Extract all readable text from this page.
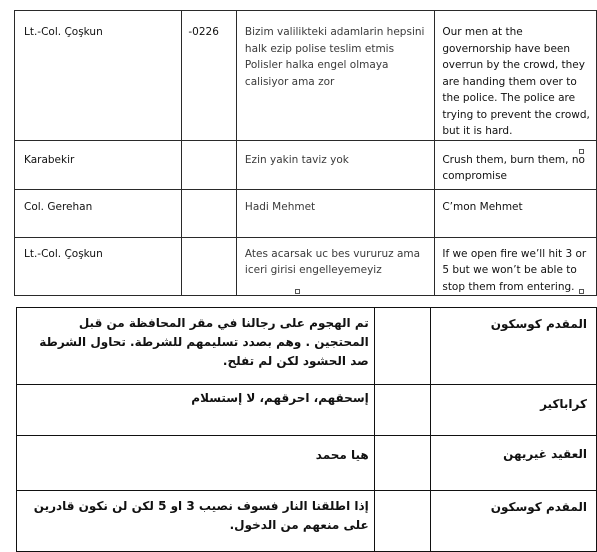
Lt.-Col. Çoşkun	-0226	Bizim valilikteki adamlarin hepsini halk ezip polise teslim etmis Polisler halka engel olmaya calisiyor ama zor	Our men at the governorship have been overrun by the crowd, they are handing them over to the police. The police are trying to prevent the crowd, but it is hard.

Karabekir		Ezin yakin taviz yok	Crush them, burn them, no compromise

Col. Gerehan		Hadi Mehmet	C’mon Mehmet

Lt.-Col. Çoşkun		Ates acarsak uc bes vururuz ama iceri girisi engelleyemeyiz	If we open fire we’ll hit 3 or 5 but we won’t be able to stop them from entering.
تم الهجوم على رجالنا في مقر المحافظة من قبل المحتجين . وهم بصدد تسليمهم للشرطة. تحاول الشرطة صد الحشود لكن لم تفلح.		المقدم كوسكون
إسحقهم، احرقهم، لا إستسلام		كراباكير
هيا محمد		العقيد غيريهن
إذا اطلقنا النار فسوف نصيب 3 او 5 لكن لن نكون قادرين على منعهم من الدخول.		المقدم كوسكون
